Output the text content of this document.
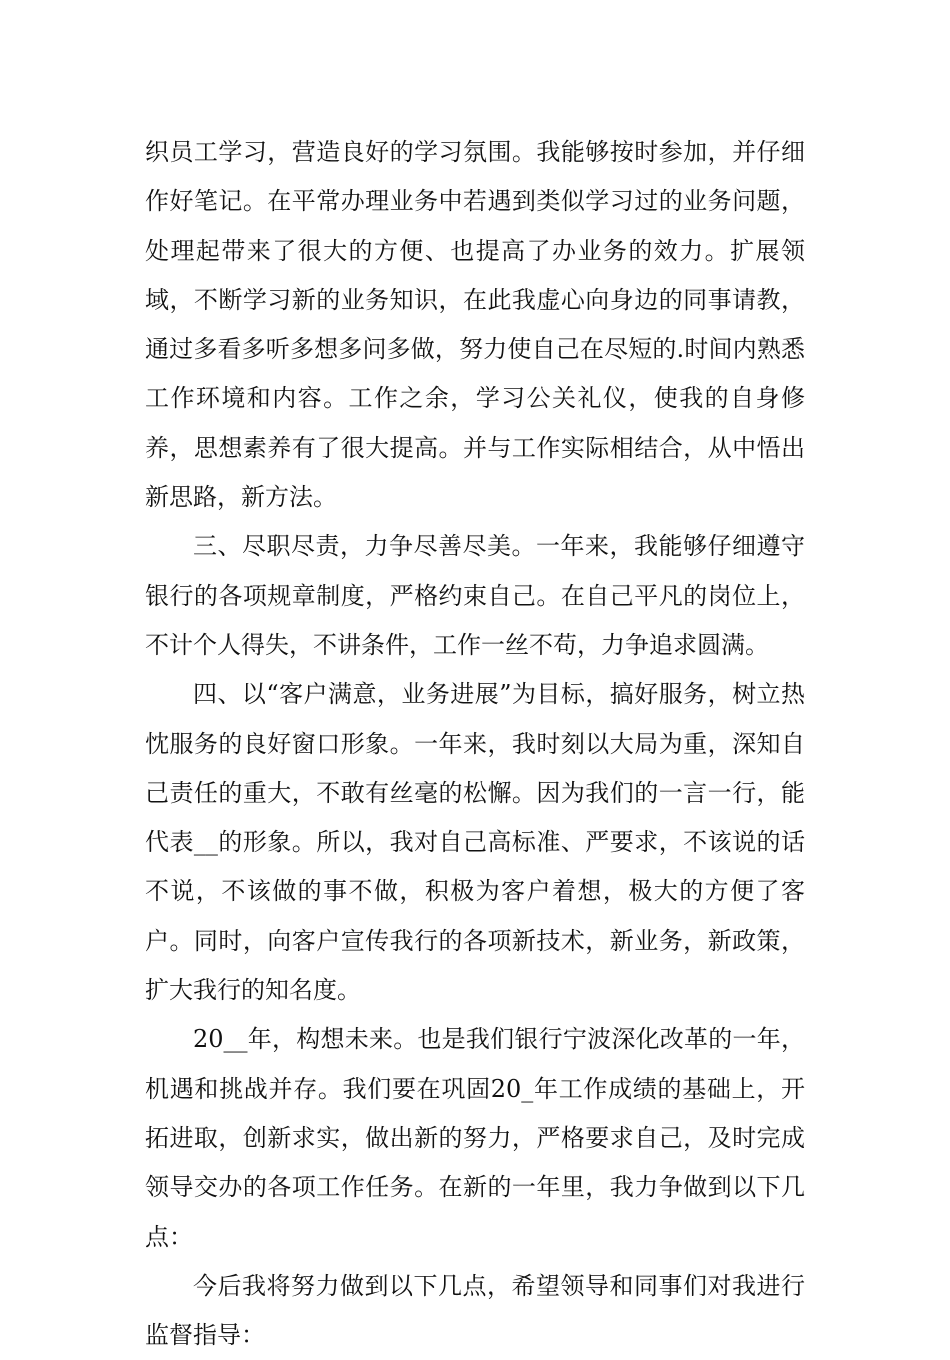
织员工学习，营造良好的学习氛围。我能够按时参加，并仔细作好笔记。在平常办理业务中若遇到类似学习过的业务问题，处理起带来了很大的方便、也提高了办业务的效力。扩展领域，不断学习新的业务知识，在此我虚心向身边的同事请教，通过多看多听多想多问多做，努力使自己在尽短的.时间内熟悉工作环境和内容。工作之余，学习公关礼仪，使我的自身修养，思想素养有了很大提高。并与工作实际相结合，从中悟出新思路，新方法。

三、尽职尽责，力争尽善尽美。一年来，我能够仔细遵守银行的各项规章制度，严格约束自己。在自己平凡的岗位上，不计个人得失，不讲条件，工作一丝不苟，力争追求圆满。

四、以“客户满意，业务进展”为目标，搞好服务，树立热忱服务的良好窗口形象。一年来，我时刻以大局为重，深知自己责任的重大，不敢有丝毫的松懈。因为我们的一言一行，能代表__的形象。所以，我对自己高标准、严要求，不该说的话不说，不该做的事不做，积极为客户着想，极大的方便了客户。同时，向客户宣传我行的各项新技术，新业务，新政策，扩大我行的知名度。

20__年，构想未来。也是我们银行宁波深化改革的一年，机遇和挑战并存。我们要在巩固20_年工作成绩的基础上，开拓进取，创新求实，做出新的努力，严格要求自己，及时完成领导交办的各项工作任务。在新的一年里，我力争做到以下几点：

今后我将努力做到以下几点，希望领导和同事们对我进行监督指导：
